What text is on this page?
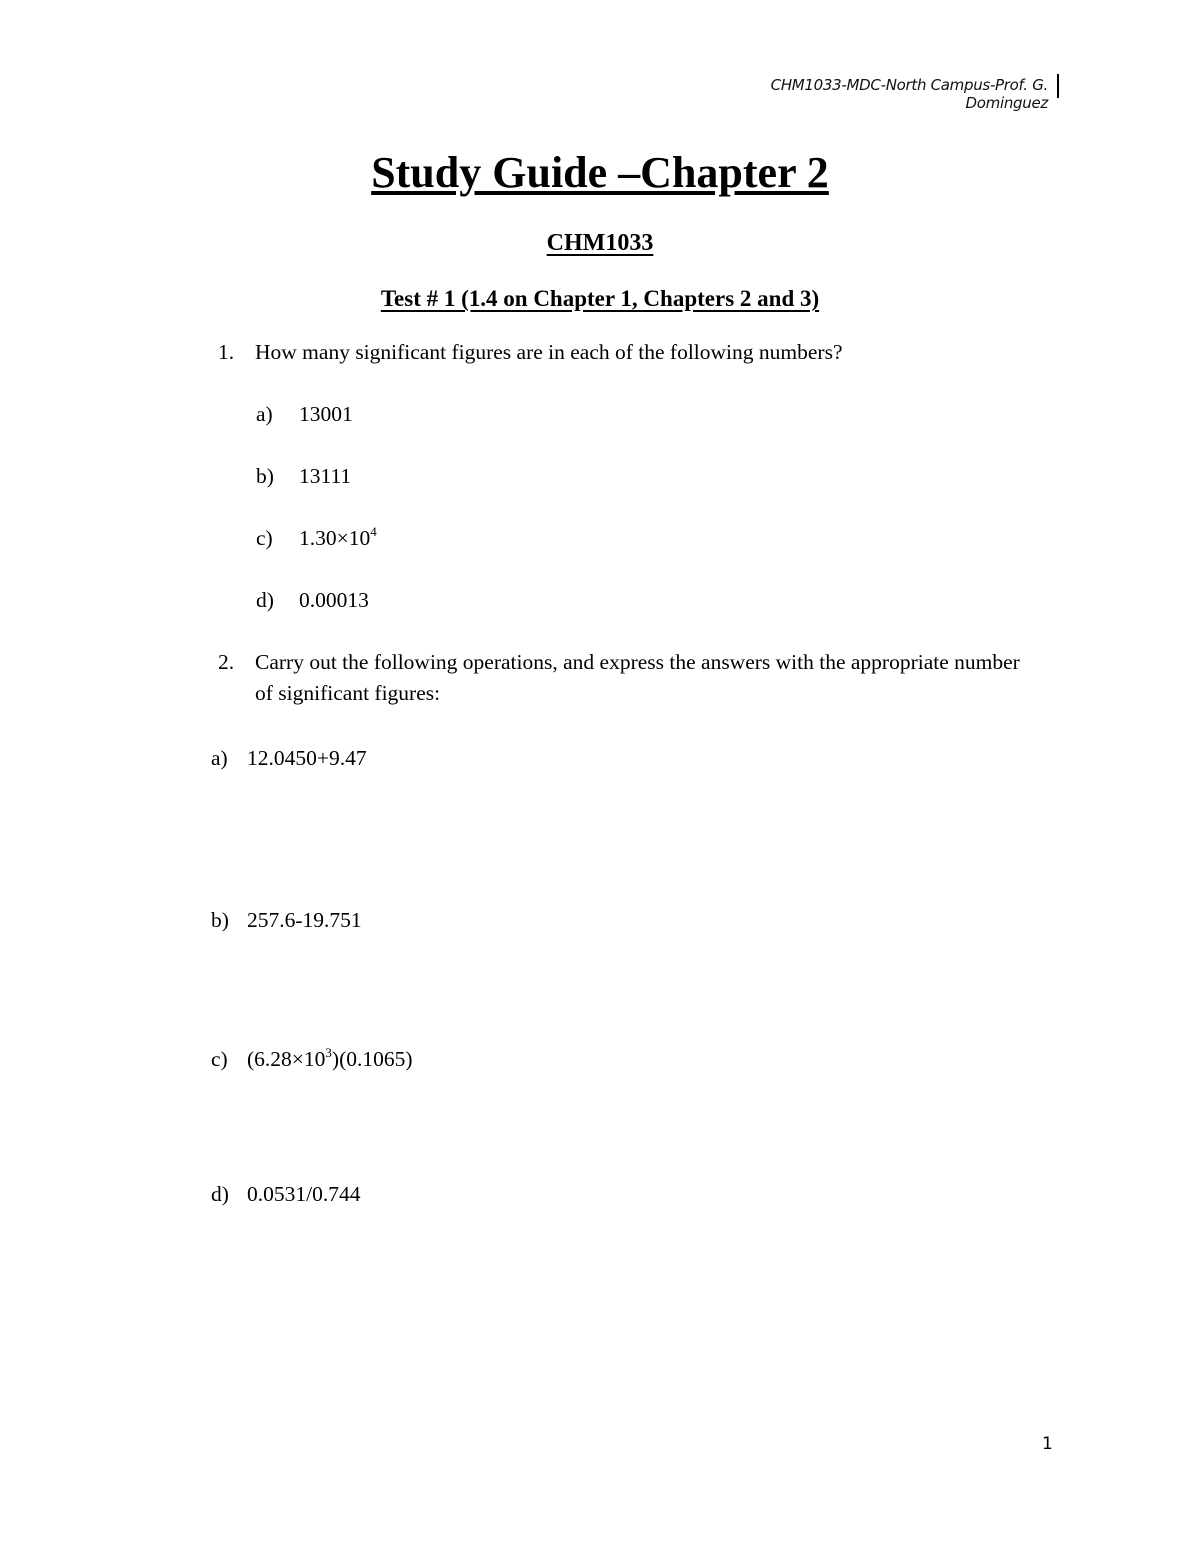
CHM1033-MDC-North Campus-Prof. G. Dominguez
Study Guide –Chapter 2
CHM1033
Test # 1 (1.4 on Chapter 1, Chapters 2 and 3)
1. How many significant figures are in each of the following numbers?
a) 13001
b) 13111
c) $1.30\times 10^4$
d) 0.00013
2. Carry out the following operations, and express the answers with the appropriate number of significant figures:
a) 12.0450+9.47
b) 257.6-19.751
c) $(6.28\times 10^3)(0.1065)$
d) 0.0531/0.744
1
